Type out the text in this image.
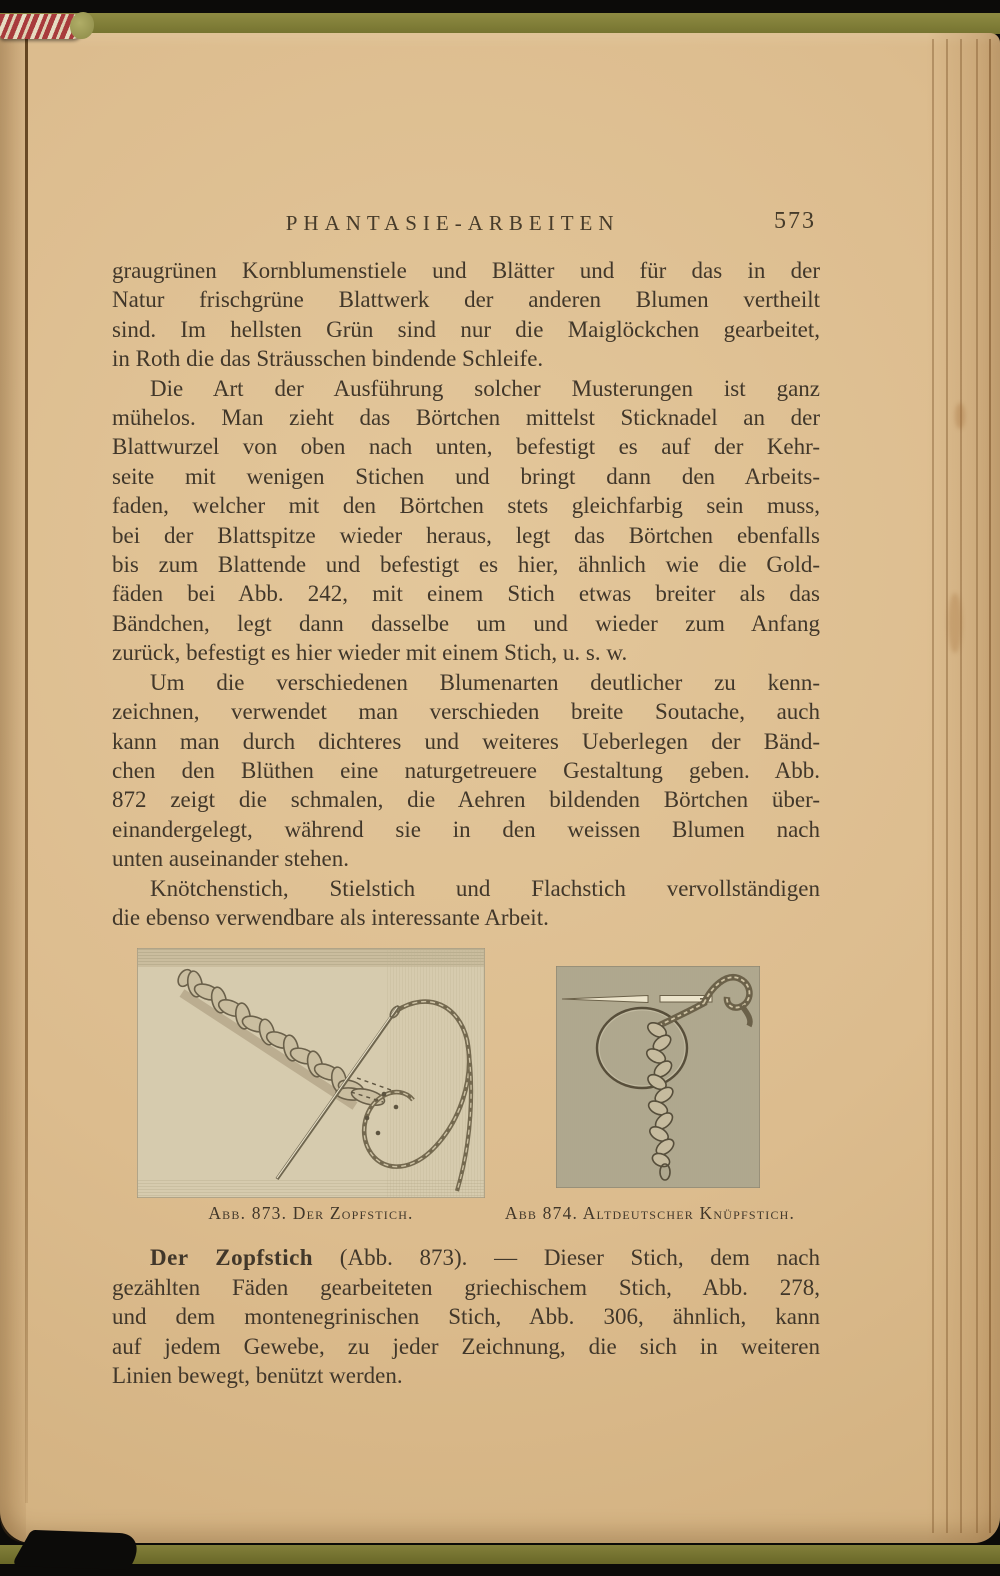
PHANTASIE-ARBEITEN	573
graugrünen Kornblumenstiele und Blätter und für das in der
Natur frischgrüne Blattwerk der anderen Blumen vertheilt
sind. Im hellsten Grün sind nur die Maiglöckchen gearbeitet,
in Roth die das Sträusschen bindende Schleife.
Die Art der Ausführung solcher Musterungen ist ganz
mühelos. Man zieht das Börtchen mittelst Sticknadel an der
Blattwurzel von oben nach unten, befestigt es auf der Kehr-
seite mit wenigen Stichen und bringt dann den Arbeits-
faden, welcher mit den Börtchen stets gleichfarbig sein muss,
bei der Blattspitze wieder heraus, legt das Börtchen ebenfalls
bis zum Blattende und befestigt es hier, ähnlich wie die Gold-
fäden bei Abb. 242, mit einem Stich etwas breiter als das
Bändchen, legt dann dasselbe um und wieder zum Anfang
zurück, befestigt es hier wieder mit einem Stich, u. s. w.
Um die verschiedenen Blumenarten deutlicher zu kenn-
zeichnen, verwendet man verschieden breite Soutache, auch
kann man durch dichteres und weiteres Ueberlegen der Bänd-
chen den Blüthen eine naturgetreuere Gestaltung geben. Abb.
872 zeigt die schmalen, die Aehren bildenden Börtchen über-
einandergelegt, während sie in den weissen Blumen nach
unten auseinander stehen.
Knötchenstich, Stielstich und Flachstich vervollständigen
die ebenso verwendbare als interessante Arbeit.
Abb. 873. Der Zopfstich.	Abb 874. Altdeutscher Knüpfstich.
Der Zopfstich (Abb. 873). — Dieser Stich, dem nach
gezählten Fäden gearbeiteten griechischem Stich, Abb. 278,
und dem montenegrinischen Stich, Abb. 306, ähnlich, kann
auf jedem Gewebe, zu jeder Zeichnung, die sich in weiteren
Linien bewegt, benützt werden.
